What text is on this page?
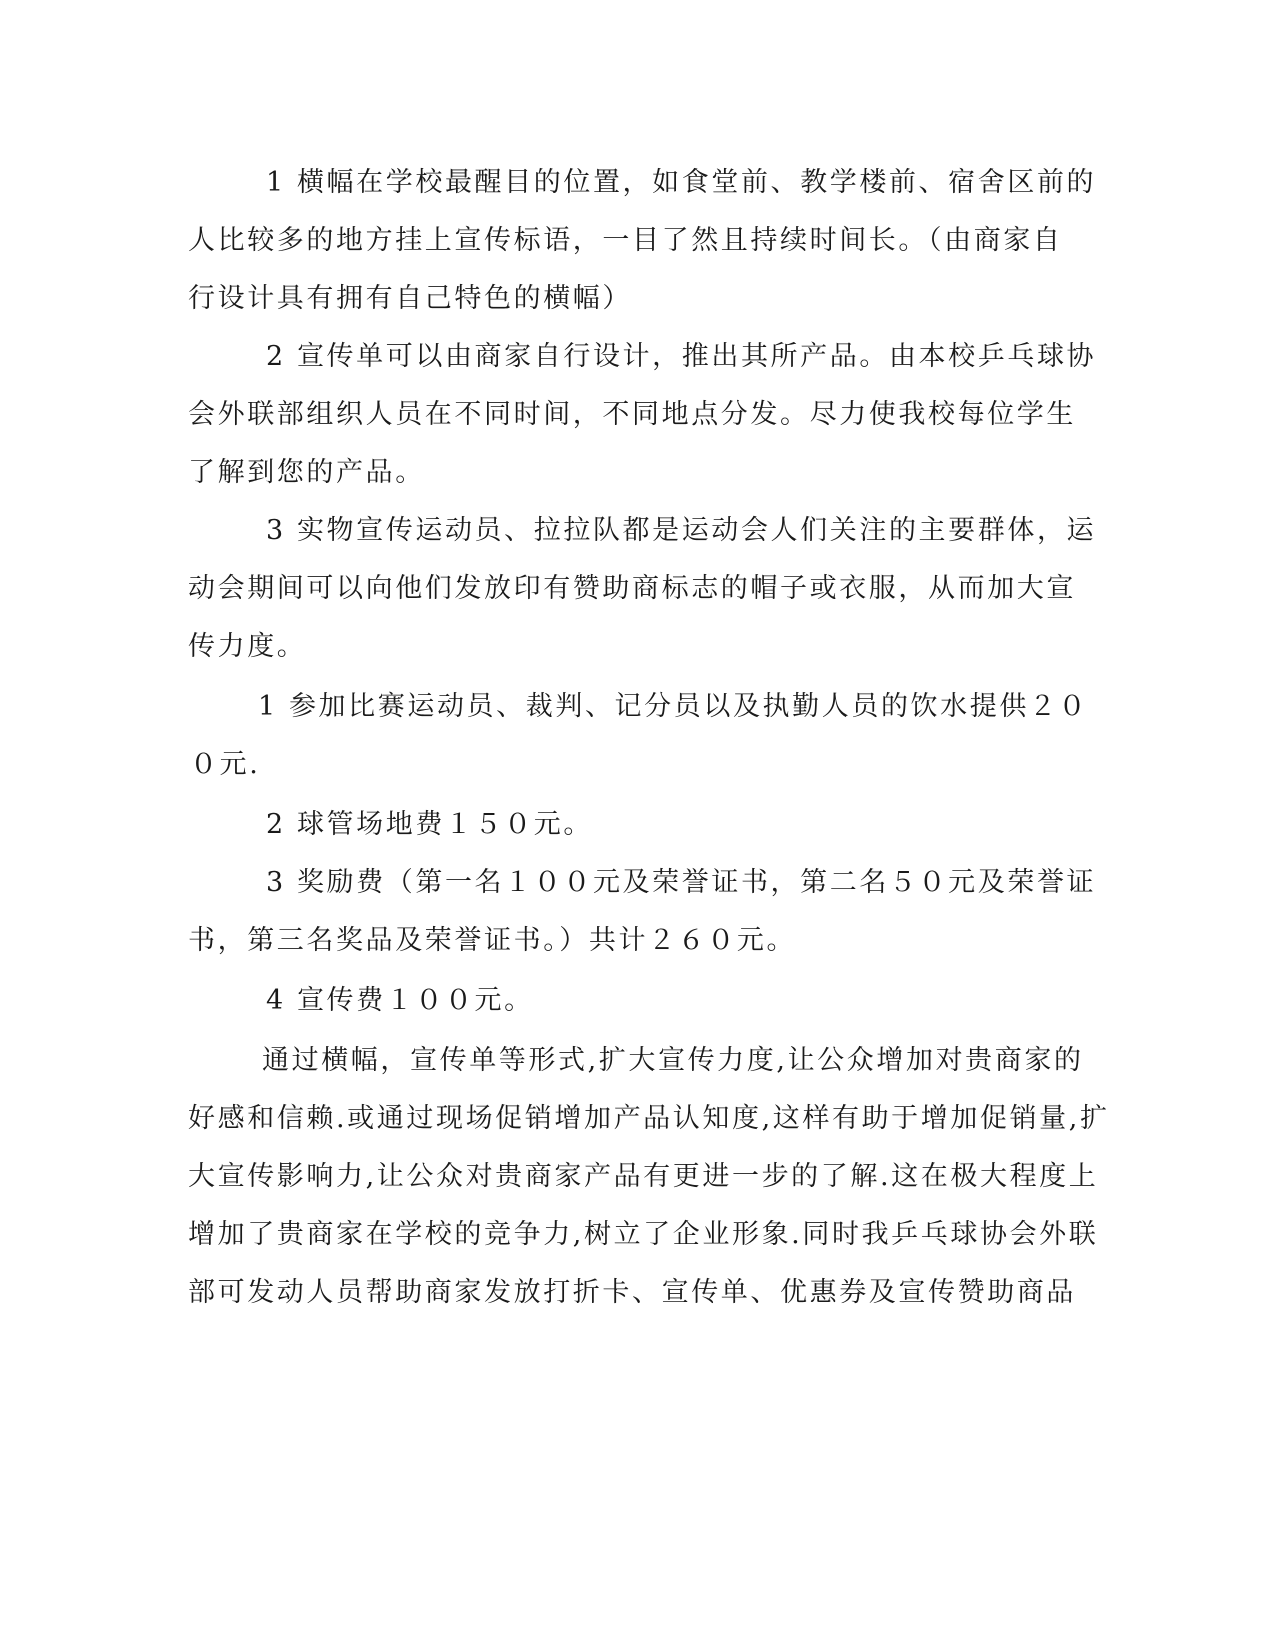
1 横幅在学校最醒目的位置，如食堂前、教学楼前、宿舍区前的
人比较多的地方挂上宣传标语，一目了然且持续时间长。（由商家自
行设计具有拥有自己特色的横幅）
2 宣传单可以由商家自行设计，推出其所产品。由本校乒乓球协
会外联部组织人员在不同时间，不同地点分发。尽力使我校每位学生
了解到您的产品。
3 实物宣传运动员、拉拉队都是运动会人们关注的主要群体，运
动会期间可以向他们发放印有赞助商标志的帽子或衣服，从而加大宣
传力度。
1 参加比赛运动员、裁判、记分员以及执勤人员的饮水提供２０
０元.
2 球管场地费１５０元。
3 奖励费（第一名１００元及荣誉证书，第二名５０元及荣誉证
书，第三名奖品及荣誉证书。）共计２６０元。
4 宣传费１００元。
通过横幅，宣传单等形式,扩大宣传力度,让公众增加对贵商家的
好感和信赖.或通过现场促销增加产品认知度,这样有助于增加促销量,扩
大宣传影响力,让公众对贵商家产品有更进一步的了解.这在极大程度上
增加了贵商家在学校的竞争力,树立了企业形象.同时我乒乓球协会外联
部可发动人员帮助商家发放打折卡、宣传单、优惠券及宣传赞助商品
